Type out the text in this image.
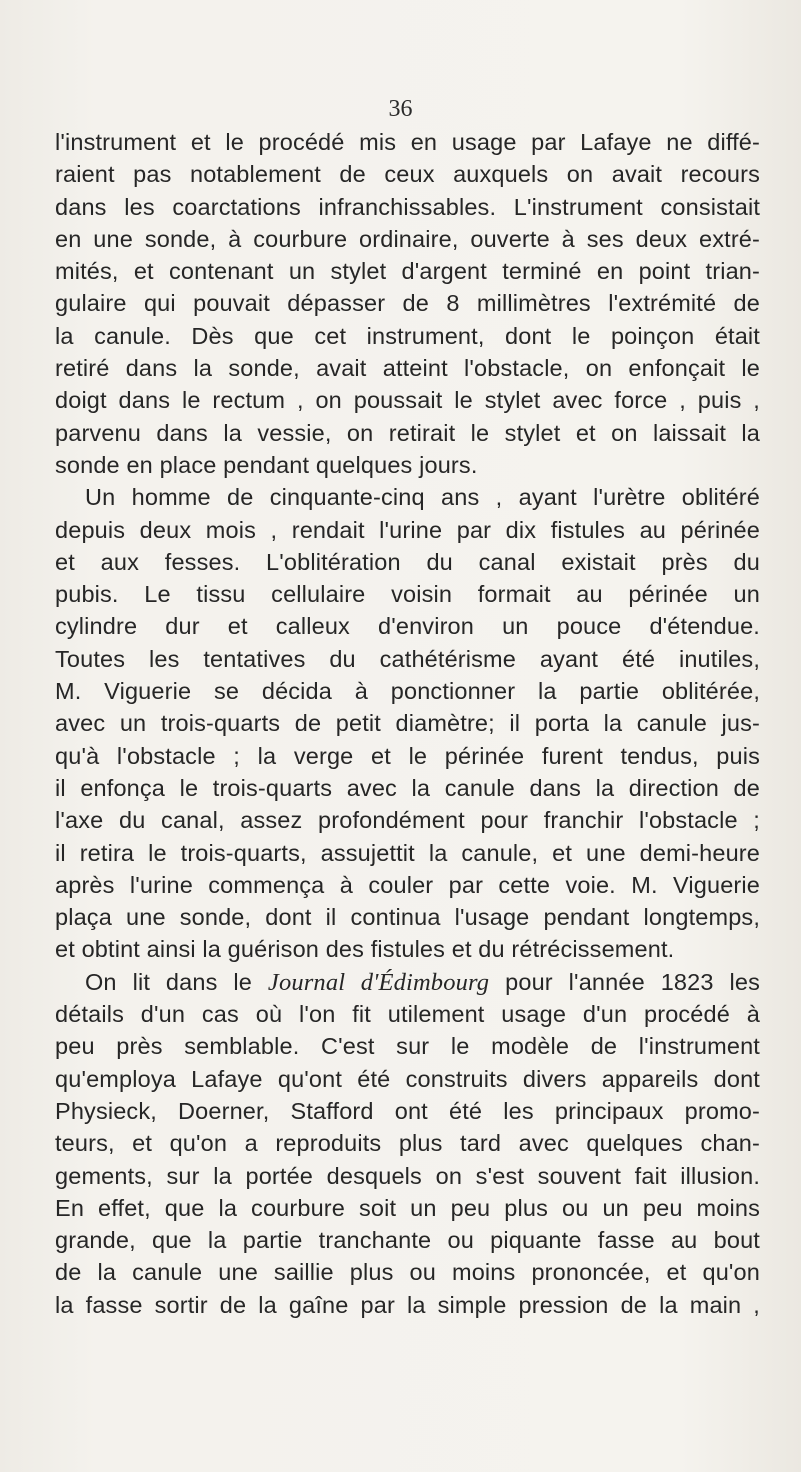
36
l'instrument et le procédé mis en usage par Lafaye ne diffé-
raient pas notablement de ceux auxquels on avait recours
dans les coarctations infranchissables. L'instrument consistait
en une sonde, à courbure ordinaire, ouverte à ses deux extré-
mités, et contenant un stylet d'argent terminé en point trian-
gulaire qui pouvait dépasser de 8 millimètres l'extrémité de
la canule. Dès que cet instrument, dont le poinçon était
retiré dans la sonde, avait atteint l'obstacle, on enfonçait le
doigt dans le rectum , on poussait le stylet avec force , puis ,
parvenu dans la vessie, on retirait le stylet et on laissait la
sonde en place pendant quelques jours.
Un homme de cinquante-cinq ans , ayant l'urètre oblitéré
depuis deux mois , rendait l'urine par dix fistules au périnée
et aux fesses. L'oblitération du canal existait près du
pubis. Le tissu cellulaire voisin formait au périnée un
cylindre dur et calleux d'environ un pouce d'étendue.
Toutes les tentatives du cathétérisme ayant été inutiles,
M. Viguerie se décida à ponctionner la partie oblitérée,
avec un trois-quarts de petit diamètre; il porta la canule jus-
qu'à l'obstacle ; la verge et le périnée furent tendus, puis
il enfonça le trois-quarts avec la canule dans la direction de
l'axe du canal, assez profondément pour franchir l'obstacle ;
il retira le trois-quarts, assujettit la canule, et une demi-heure
après l'urine commença à couler par cette voie. M. Viguerie
plaça une sonde, dont il continua l'usage pendant longtemps,
et obtint ainsi la guérison des fistules et du rétrécissement.
On lit dans le Journal d'Édimbourg pour l'année 1823 les
détails d'un cas où l'on fit utilement usage d'un procédé à
peu près semblable. C'est sur le modèle de l'instrument
qu'employa Lafaye qu'ont été construits divers appareils dont
Physieck, Doerner, Stafford ont été les principaux promo-
teurs, et qu'on a reproduits plus tard avec quelques chan-
gements, sur la portée desquels on s'est souvent fait illusion.
En effet, que la courbure soit un peu plus ou un peu moins
grande, que la partie tranchante ou piquante fasse au bout
de la canule une saillie plus ou moins prononcée, et qu'on
la fasse sortir de la gaîne par la simple pression de la main ,
